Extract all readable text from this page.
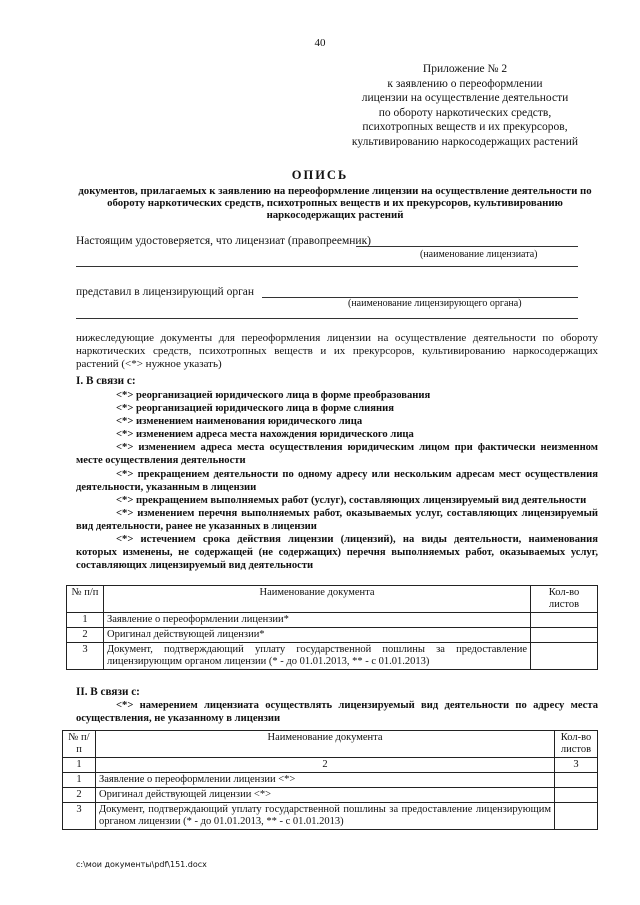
40
Приложение № 2
к заявлению о переоформлении
лицензии на осуществление деятельности
по обороту наркотических средств,
психотропных веществ и их прекурсоров,
культивированию наркосодержащих растений
ОПИСЬ
документов, прилагаемых к заявлению на переоформление лицензии на осуществление деятельности по обороту наркотических средств, психотропных веществ и их прекурсоров, культивированию наркосодержащих растений
Настоящим удостоверяется, что лицензиат (правопреемник)
(наименование лицензиата)
представил в лицензирующий орган
(наименование лицензирующего органа)
нижеследующие документы для переоформления лицензии на осуществление деятельности по обороту наркотических средств, психотропных веществ и их прекурсоров, культивированию наркосодержащих растений (<*> нужное указать)
I. В связи с:

<*> реорганизацией юридического лица в форме преобразования

<*> реорганизацией юридического лица в форме слияния

<*> изменением наименования юридического лица

<*> изменением адреса места нахождения юридического лица

<*> изменением адреса места осуществления юридическим лицом при фактически неизменном месте осуществления деятельности

<*> прекращением деятельности по одному адресу или нескольким адресам мест осуществления деятельности, указанным в лицензии

<*> прекращением выполняемых работ (услуг), составляющих лицензируемый вид деятельности

<*> изменением перечня выполняемых работ, оказываемых услуг, составляющих лицензируемый вид деятельности, ранее не указанных в лицензии

<*> истечением срока действия лицензии (лицензий), на виды деятельности, наименования которых изменены, не содержащей (не содержащих) перечня выполняемых работ, оказываемых услуг, составляющих лицензируемый вид деятельности

№ п/п	Наименование документа	Кол-во листов
1	Заявление о переоформлении лицензии*	
2	Оригинал действующей лицензии*	
3	Документ, подтверждающий уплату государственной пошлины за предоставление лицензирующим органом лицензии (* - до 01.01.2013, ** - с 01.01.2013)	
II. В связи с:

<*> намерением лицензиата осуществлять лицензируемый вид деятельности по адресу места осуществления, не указанному в лицензии

№ п/п	Наименование документа	Кол-во листов
1	2	3
1	Заявление о переоформлении лицензии <*>	
2	Оригинал действующей лицензии <*>	
3	Документ, подтверждающий уплату государственной пошлины за предоставление лицензирующим органом лицензии (* - до 01.01.2013, ** - с 01.01.2013)	
c:\мои документы\pdf\151.docx
